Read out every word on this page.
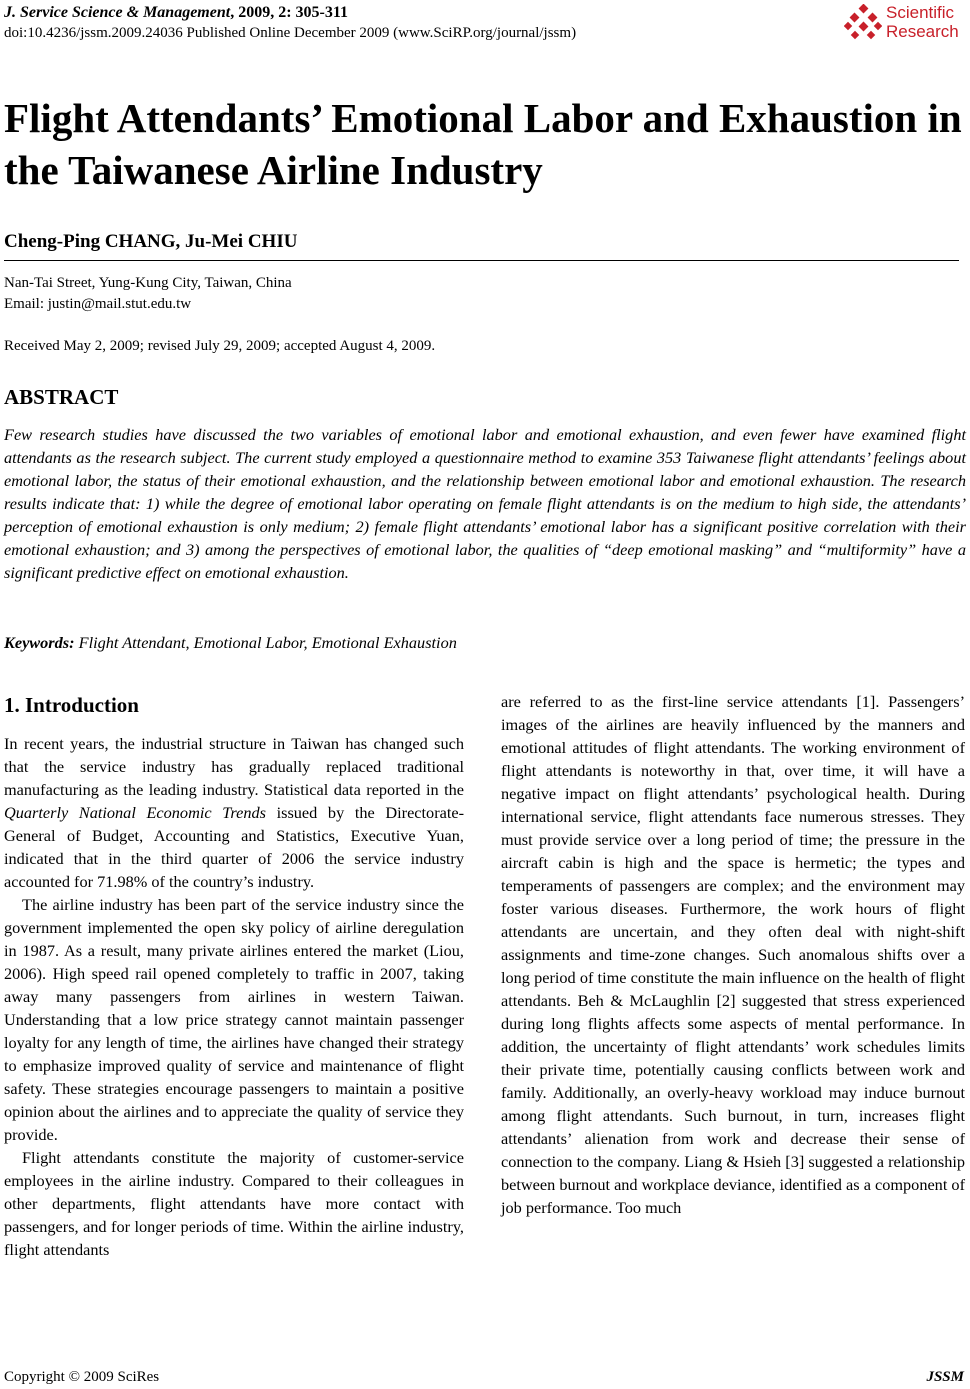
J. Service Science & Management, 2009, 2: 305-311
doi:10.4236/jssm.2009.24036 Published Online December 2009 (www.SciRP.org/journal/jssm)
Scientific
Research
Flight Attendants’ Emotional Labor and Exhaustion in the Taiwanese Airline Industry
Cheng-Ping CHANG, Ju-Mei CHIU
Nan-Tai Street, Yung-Kung City, Taiwan, China
Email: justin@mail.stut.edu.tw
Received May 2, 2009; revised July 29, 2009; accepted August 4, 2009.
ABSTRACT

Few research studies have discussed the two variables of emotional labor and emotional exhaustion, and even fewer have examined flight attendants as the research subject. The current study employed a questionnaire method to examine 353 Taiwanese flight attendants’ feelings about emotional labor, the status of their emotional exhaustion, and the relationship between emotional labor and emotional exhaustion. The research results indicate that: 1) while the degree of emotional labor operating on female flight attendants is on the medium to high side, the attendants’ perception of emotional exhaustion is only medium; 2) female flight attendants’ emotional labor has a significant positive correlation with their emotional exhaustion; and 3) among the perspectives of emotional labor, the qualities of “deep emotional masking” and “multiformity” have a significant predictive effect on emotional exhaustion.

Keywords: Flight Attendant, Emotional Labor, Emotional Exhaustion
1. Introduction

In recent years, the industrial structure in Taiwan has changed such that the service industry has gradually replaced traditional manufacturing as the leading industry. Statistical data reported in the Quarterly National Economic Trends issued by the Directorate-General of Budget, Accounting and Statistics, Executive Yuan, indicated that in the third quarter of 2006 the service industry accounted for 71.98% of the country’s industry.

The airline industry has been part of the service industry since the government implemented the open sky policy of airline deregulation in 1987. As a result, many private airlines entered the market (Liou, 2006). High speed rail opened completely to traffic in 2007, taking away many passengers from airlines in western Taiwan. Understanding that a low price strategy cannot maintain passenger loyalty for any length of time, the airlines have changed their strategy to emphasize improved quality of service and maintenance of flight safety. These strategies encourage passengers to maintain a positive opinion about the airlines and to appreciate the quality of service they provide.

Flight attendants constitute the majority of customer-service employees in the airline industry. Compared to their colleagues in other departments, flight attendants have more contact with passengers, and for longer periods of time. Within the airline industry, flight attendants

are referred to as the first-line service attendants [1]. Passengers’ images of the airlines are heavily influenced by the manners and emotional attitudes of flight attendants. The working environment of flight attendants is noteworthy in that, over time, it will have a negative impact on flight attendants’ psychological health. During international service, flight attendants face numerous stresses. They must provide service over a long period of time; the pressure in the aircraft cabin is high and the space is hermetic; the types and temperaments of passengers are complex; and the environment may foster various diseases. Furthermore, the work hours of flight attendants are uncertain, and they often deal with night-shift assignments and time-zone changes. Such anomalous shifts over a long period of time constitute the main influence on the health of flight attendants. Beh & McLaughlin [2] suggested that stress experienced during long flights affects some aspects of mental performance. In addition, the uncertainty of flight attendants’ work schedules limits their private time, potentially causing conflicts between work and family. Additionally, an overly-heavy workload may induce burnout among flight attendants. Such burnout, in turn, increases flight attendants’ alienation from work and decrease their sense of connection to the company. Liang & Hsieh [3] suggested a relationship between burnout and workplace deviance, identified as a component of job performance. Too much

Copyright © 2009 SciRes	JSSM
